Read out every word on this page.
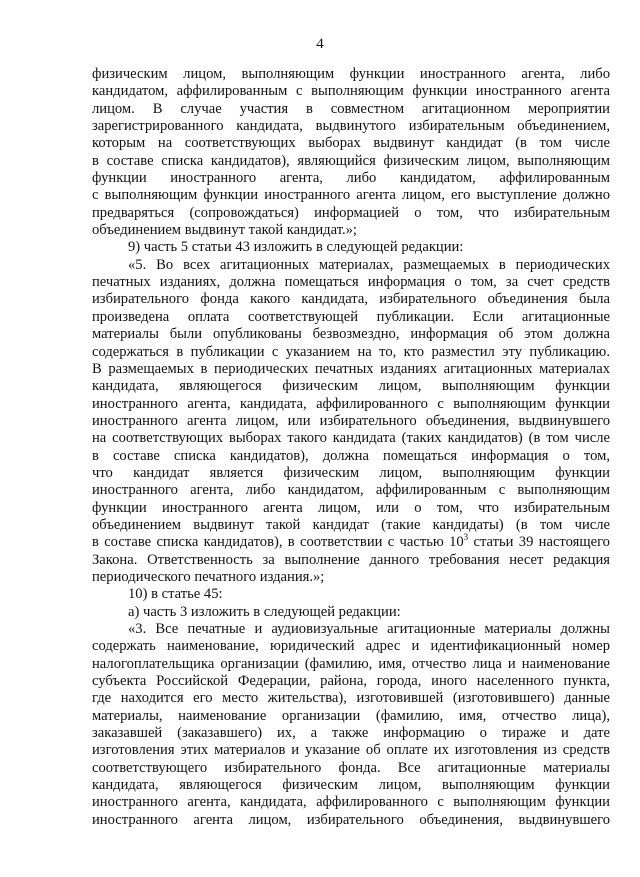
4
физическим лицом, выполняющим функции иностранного агента, либо
кандидатом, аффилированным с выполняющим функции иностранного агента
лицом. В случае участия в совместном агитационном мероприятии
зарегистрированного кандидата, выдвинутого избирательным объединением,
которым на соответствующих выборах выдвинут кандидат (в том числе
в составе списка кандидатов), являющийся физическим лицом, выполняющим
функции иностранного агента, либо кандидатом, аффилированным
с выполняющим функции иностранного агента лицом, его выступление должно
предваряться (сопровождаться) информацией о том, что избирательным
объединением выдвинут такой кандидат.»;
9) часть 5 статьи 43 изложить в следующей редакции:
«5. Во всех агитационных материалах, размещаемых в периодических
печатных изданиях, должна помещаться информация о том, за счет средств
избирательного фонда какого кандидата, избирательного объединения была
произведена оплата соответствующей публикации. Если агитационные
материалы были опубликованы безвозмездно, информация об этом должна
содержаться в публикации с указанием на то, кто разместил эту публикацию.
В размещаемых в периодических печатных изданиях агитационных материалах
кандидата, являющегося физическим лицом, выполняющим функции
иностранного агента, кандидата, аффилированного с выполняющим функции
иностранного агента лицом, или избирательного объединения, выдвинувшего
на соответствующих выборах такого кандидата (таких кандидатов) (в том числе
в составе списка кандидатов), должна помещаться информация о том,
что кандидат является физическим лицом, выполняющим функции
иностранного агента, либо кандидатом, аффилированным с выполняющим
функции иностранного агента лицом, или о том, что избирательным
объединением выдвинут такой кандидат (такие кандидаты) (в том числе
в составе списка кандидатов), в соответствии с частью $10^3$ статьи 39 настоящего
Закона. Ответственность за выполнение данного требования несет редакция
периодического печатного издания.»;
10) в статье 45:
а) часть 3 изложить в следующей редакции:
«3. Все печатные и аудиовизуальные агитационные материалы должны
содержать наименование, юридический адрес и идентификационный номер
налогоплательщика организации (фамилию, имя, отчество лица и наименование
субъекта Российской Федерации, района, города, иного населенного пункта,
где находится его место жительства), изготовившей (изготовившего) данные
материалы, наименование организации (фамилию, имя, отчество лица),
заказавшей (заказавшего) их, а также информацию о тираже и дате
изготовления этих материалов и указание об оплате их изготовления из средств
соответствующего избирательного фонда. Все агитационные материалы
кандидата, являющегося физическим лицом, выполняющим функции
иностранного агента, кандидата, аффилированного с выполняющим функции
иностранного агента лицом, избирательного объединения, выдвинувшего
